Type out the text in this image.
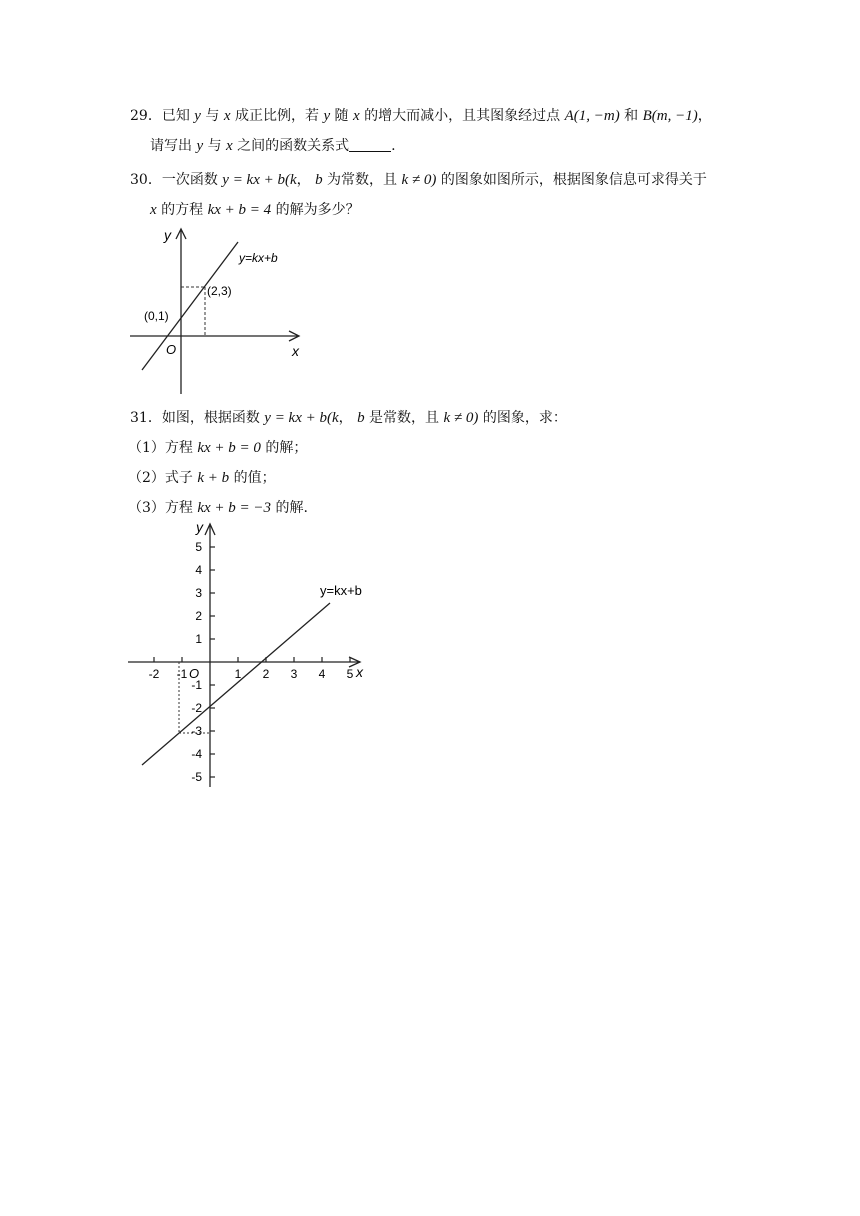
29．已知 y 与 x 成正比例，若 y 随 x 的增大而减小，且其图象经过点 A(1, −m) 和 B(m, −1)，
请写出 y 与 x 之间的函数关系式	.
30．一次函数 y = kx + b(k， b 为常数，且 k ≠ 0) 的图象如图所示，根据图象信息可求得关于
x 的方程 kx + b = 4 的解为多少？
y
x
O
y=kx+b
(0,1)
(2,3)
31．如图，根据函数 y = kx + b(k， b 是常数，且 k ≠ 0) 的图象，求：
（1）方程 kx + b = 0 的解；
（2）式子 k + b 的值；
（3）方程 kx + b = −3 的解.
-2 -1	1 2 3 4 5
5
4
3
2
1
-1
-2
-3
-4
-5
y
x
O
y=kx+b
